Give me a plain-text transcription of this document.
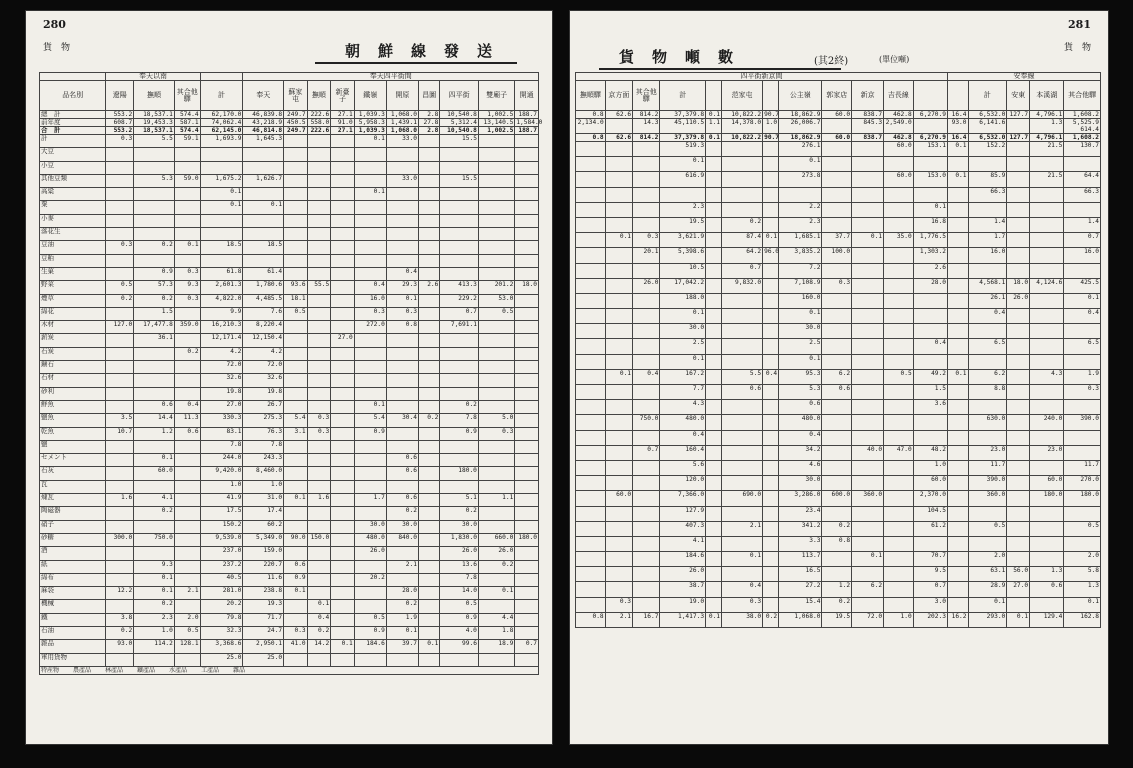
280
貨　物	朝鮮線發送
	奉天以南				奉天四平街間									
品名別	遼陽	撫順	其合他驛	計	奉天	蘇家屯	撫順	新臺子	鐵嶺	開原	昌圖	四平街	雙廟子	開通
總　計	553.2	18,537.1	574.4	62,170.0	46,839.8	249.7	222.6	27.1	1,039.3	1,068.0	2.8	10,540.8	1,002.5	188.7
前年度	608.7	19,453.3	587.1	74,062.4	43,218.9	450.5	558.0	91.0	5,958.3	1,439.1	27.8	5,312.4	13,140.5	1,584.0
合　計	553.2	18,537.1	574.4	62,145.0	46,814.8	249.7	222.6	27.1	1,039.3	1,068.0	2.8	10,540.8	1,002.5	188.7
計	0.3	5.5	59.1	1,693.9	1,645.3				0.1	33.0		15.5		
大豆														
小豆														
其他豆類		5.3	59.0	1,675.2	1,626.7					33.0		15.5		
高粱				0.1					0.1					
粟				0.1	0.1									
小麥														
落花生														
豆油	0.3	0.2	0.1	18.5	18.5									
豆粕														
生菓		0.9	0.3	61.8	61.4					0.4				
野菜	0.5	57.3	9.3	2,601.3	1,780.6	93.6	55.5		0.4	29.3	2.6	413.3	201.2	18.0
煙草	0.2	0.2	0.3	4,822.0	4,485.5	18.1			16.0	0.1		229.2	53.0	
綿花		1.5		9.9	7.6	0.5			0.3	0.3		0.7	0.5	
木材	127.0	17,477.8	359.0	16,210.3	8,220.4				272.0	0.8		7,691.1		
薪炭		36.1		12,171.4	12,150.4			27.0						
石炭			0.2	4.2	4.2									
鑛石				72.0	72.0									
石材				32.6	32.6									
砂利				19.8	19.8									
鮮魚		0.6	0.4	27.0	26.7				0.1			0.2		
鹽魚	3.5	14.4	11.3	330.3	275.3	5.4	0.3		5.4	30.4	0.2	7.8	5.0	
乾魚	10.7	1.2	0.6	83.1	76.3	3.1	0.3		0.9			0.9	0.3	
鹽				7.8	7.8									
セメント		0.1		244.0	243.3					0.6				
石灰		60.0		9,420.0	8,460.0					0.6		180.0		
瓦				1.0	1.0									
煉瓦	1.6	4.1		41.9	31.0	0.1	1.6		1.7	0.6		5.1	1.1	
陶磁器		0.2		17.5	17.4					0.2		0.2		
硝子				150.2	60.2				30.0	30.0		30.0		
砂糖	300.0	750.0		9,539.0	5,349.0	90.0	150.0		480.0	840.0		1,830.0	660.0	180.0
酒				237.0	159.0				26.0			26.0	26.0	
紙		9.3		237.2	220.7	0.6				2.1		13.6	0.2	
綿布		0.1		40.5	11.6	0.9			20.2			7.8		
麻袋	12.2	0.1	2.1	281.0	238.8	0.1				28.0		14.0	0.1	
機械		0.2		20.2	19.3		0.1			0.2		0.5		
鐵	3.8	2.3	2.0	79.8	71.7		0.4		0.5	1.9		0.9	4.4	
石油	0.2	1.0	0.5	32.3	24.7	0.3	0.2		0.9	0.1		4.0	1.8	
雜品	93.0	114.2	128.1	3,368.6	2,950.1	41.0	14.2	0.1	184.6	39.7	0.1	99.6	18.9	0.7
軍用貨物				25.0	25.0									
特産物 農產品 林產品 鑛產品 水產品 工產品 雜品														
281
貨　物
貨物噸數	(其2終)	(單位噸)
四平街新京間												安奉線				
撫順驛	京方面	其合他驛	計		范家屯		公主嶺	郭家店	新京	吉長線			計	安東	本溪湖	其合他驛
0.8	62.6	814.2	37,379.8	0.1	10,822.2	90.7	18,862.9	60.0	838.7	462.8	6,270.9	16.4	6,532.0	127.7	4,796.1	1,608.2
2,134.0		14.3	45,110.5	1.1	14,378.0	1.0	26,006.7		845.3	2,549.0		93.0	6,141.6		1.3	5,525.9
614.4
0.8	62.6	814.2	37,379.8	0.1	10,822.2	90.7	18,862.9	60.0	838.7	462.8	6,270.9	16.4	6,532.0	127.7	4,796.1	1,608.2
			519.3				276.1			60.0	153.1	0.1	152.2		21.5	130.7
			0.1				0.1									
			616.9				273.8			60.0	153.0	0.1	85.9		21.5	64.4
													66.3			66.3
			2.3				2.2				0.1					
			19.5		0.2		2.3				16.8		1.4			1.4
	0.1	0.3	3,621.9		87.4	0.1	1,685.1	37.7	0.1	35.0	1,776.5		1.7			0.7
		20.1	5,398.6		64.2	96.0	3,835.2	100.0			1,303.2		16.0			16.0
			10.5		0.7		7.2				2.6					
		26.0	17,042.2		9,832.0		7,108.9	0.3			28.0		4,568.1	18.0	4,124.6	425.5
			188.0				160.0						26.1	26.0		0.1
			0.1				0.1						0.4			0.4
			30.0				30.0									
			2.5				2.5				0.4		6.5			6.5
			0.1				0.1									
	0.1	0.4	167.2		5.5	0.4	95.3	6.2		0.5	49.2	0.1	6.2		4.3	1.9
			7.7		0.6		5.3	0.6			1.5		8.8			0.3
			4.3				0.6				3.6					
		750.0	480.0				480.0						630.0		240.0	390.0
			0.4				0.4									
		0.7	160.4				34.2		40.0	47.0	48.2		23.0		23.0	
			5.6				4.6				1.0		11.7			11.7
			120.0				30.0				60.0		390.0		60.0	270.0
	60.0		7,366.0		690.0		3,286.0	600.0	360.0		2,370.0		360.0		180.0	180.0
			127.9				23.4				104.5					
			407.3		2.1		341.2	0.2			61.2		0.5			0.5
			4.1				3.3	0.8								
			184.6		0.1		113.7		0.1		70.7		2.0			2.0
			26.0				16.5				9.5		63.1	56.0	1.3	5.8
			38.7		0.4		27.2	1.2	6.2		0.7		28.9	27.0	0.6	1.3
	0.3		19.0		0.3		15.4	0.2			3.0		0.1			0.1
0.8	2.1	16.7	1,417.3	0.1	38.0	0.2	1,068.0	19.5	72.0	1.0	202.3	16.2	293.0	0.1	129.4	162.8
